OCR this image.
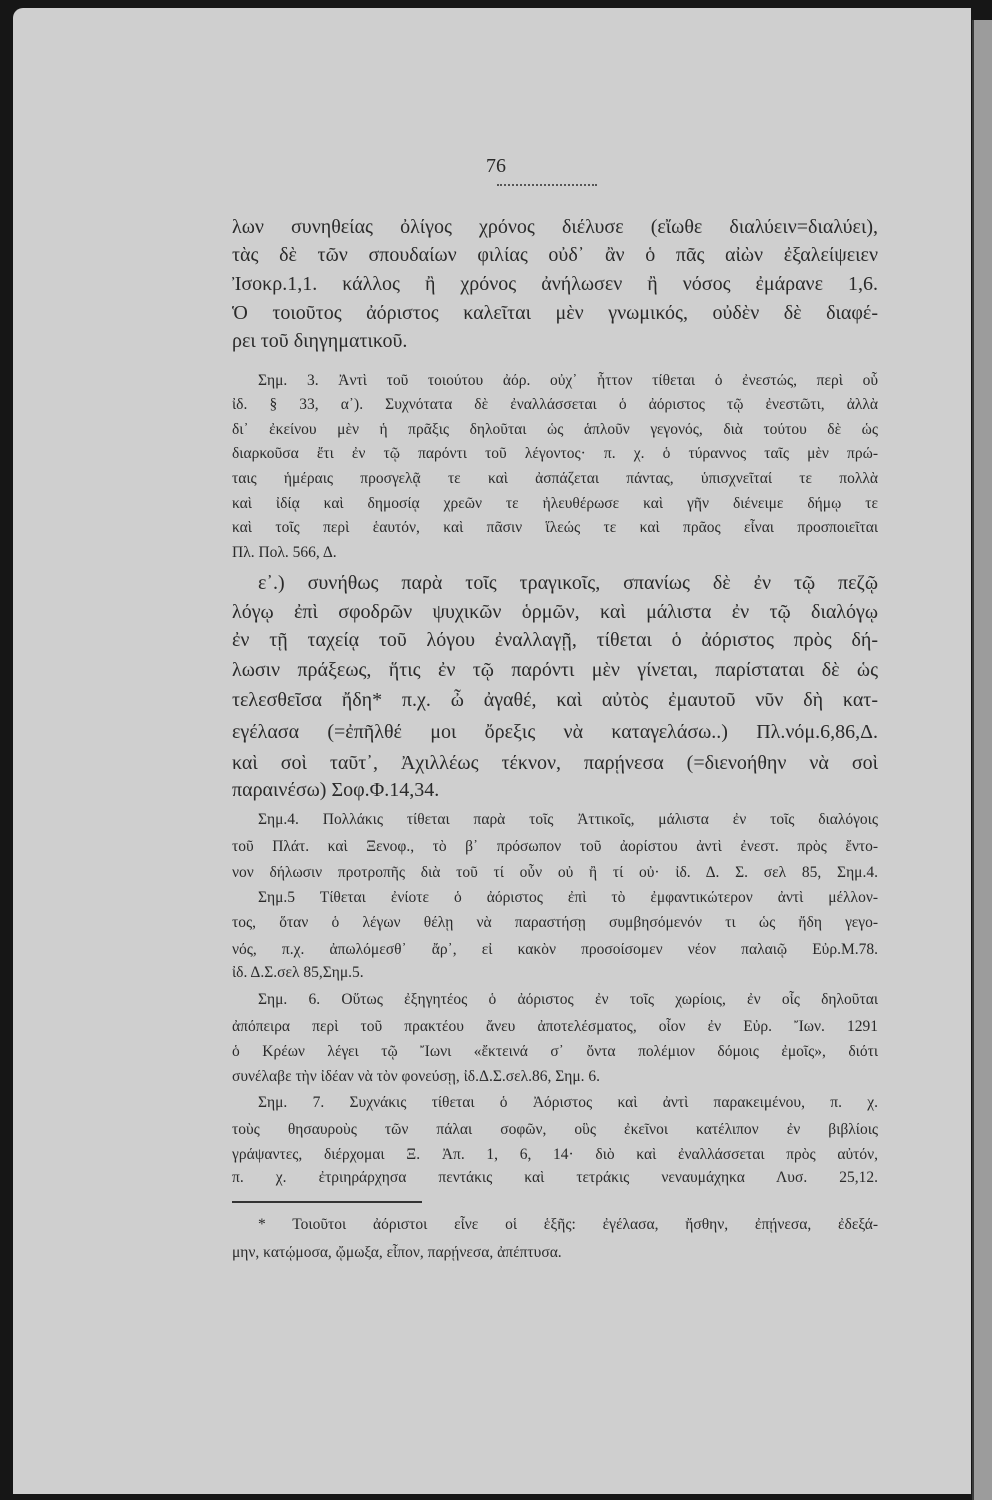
76
λων συνηθείας ὀλίγος χρόνος διέλυσε (εἴωθε διαλύειν=διαλύει),
τὰς δὲ τῶν σπουδαίων φιλίας οὐδ᾽ ἂν ὁ πᾶς αἰὼν ἐξαλείψειεν
Ἰσοκρ.1,1. κάλλος ἢ χρόνος ἀνήλωσεν ἢ νόσος ἐμάρανε 1,6.
Ὁ τοιοῦτος ἀόριστος καλεῖται μὲν γνωμικός, οὐδὲν δὲ διαφέ-
ρει τοῦ διηγηματικοῦ.
Σημ. 3. Ἀντὶ τοῦ τοιούτου ἀόρ. οὐχ᾽ ἧττον τίθεται ὁ ἐνεστώς, περὶ οὗ
ἰδ. § 33, α᾽). Συχνότατα δὲ ἐναλλάσσεται ὁ ἀόριστος τῷ ἐνεστῶτι, ἀλλὰ
δι᾽ ἐκείνου μὲν ἡ πρᾶξις δηλοῦται ὡς ἁπλοῦν γεγονός, διὰ τούτου δὲ ὡς
διαρκοῦσα ἔτι ἐν τῷ παρόντι τοῦ λέγοντος· π. χ. ὁ τύραννος ταῖς μὲν πρώ-
ταις ἡμέραις προσγελᾷ τε καὶ ἀσπάζεται πάντας, ὑπισχνεῖταί τε πολλὰ
καὶ ἰδίᾳ καὶ δημοσίᾳ χρεῶν τε ἠλευθέρωσε καὶ γῆν διένειμε δήμῳ τε
καὶ τοῖς περὶ ἑαυτόν, καὶ πᾶσιν ἵλεώς τε καὶ πρᾶος εἶναι προσποιεῖται
Πλ. Πολ. 566, Δ.
ε᾽.) συνήθως παρὰ τοῖς τραγικοῖς, σπανίως δὲ ἐν τῷ πεζῷ
λόγῳ ἐπὶ σφοδρῶν ψυχικῶν ὁρμῶν, καὶ μάλιστα ἐν τῷ διαλόγῳ
ἐν τῇ ταχείᾳ τοῦ λόγου ἐναλλαγῇ, τίθεται ὁ ἀόριστος πρὸς δή-
λωσιν πράξεως, ἥτις ἐν τῷ παρόντι μὲν γίνεται, παρίσταται δὲ ὡς
τελεσθεῖσα ἤδη* π.χ. ὦ ἀγαθέ, καὶ αὐτὸς ἐμαυτοῦ νῦν δὴ κατ-
εγέλασα (=ἐπῆλθέ μοι ὄρεξις νὰ καταγελάσω..) Πλ.νόμ.6,86,Δ.
καὶ σοὶ ταῦτ᾽, Ἀχιλλέως τέκνον, παρῄνεσα (=διενοήθην νὰ σοὶ
παραινέσω) Σοφ.Φ.14,34.
Σημ.4. Πολλάκις τίθεται παρὰ τοῖς Ἀττικοῖς, μάλιστα ἐν τοῖς διαλόγοις
τοῦ Πλάτ. καὶ Ξενοφ., τὸ β᾽ πρόσωπον τοῦ ἀορίστου ἀντὶ ἐνεστ. πρὸς ἔντο-
νον δήλωσιν προτροπῆς διὰ τοῦ τί οὖν οὐ ἢ τί οὐ· ἰδ. Δ. Σ. σελ 85, Σημ.4.
Σημ.5 Τίθεται ἐνίοτε ὁ ἀόριστος ἐπὶ τὸ ἐμφαντικώτερον ἀντὶ μέλλον-
τος, ὅταν ὁ λέγων θέλῃ νὰ παραστήσῃ συμβησόμενόν τι ὡς ἤδη γεγο-
νός, π.χ. ἀπωλόμεσθ᾽ ἄρ᾽, εἰ κακὸν προσοίσομεν νέον παλαιῷ Εὐρ.Μ.78.
ἰδ. Δ.Σ.σελ 85,Σημ.5.
Σημ. 6. Οὕτως ἐξηγητέος ὁ ἀόριστος ἐν τοῖς χωρίοις, ἐν οἷς δηλοῦται
ἀπόπειρα περὶ τοῦ πρακτέου ἄνευ ἀποτελέσματος, οἷον ἐν Εὐρ. Ἴων. 1291
ὁ Κρέων λέγει τῷ Ἴωνι «ἔκτεινά σ᾽ ὄντα πολέμιον δόμοις ἐμοῖς», διότι
συνέλαβε τὴν ἰδέαν νὰ τὸν φονεύσῃ, ἰδ.Δ.Σ.σελ.86, Σημ. 6.
Σημ. 7. Συχνάκις τίθεται ὁ Ἀόριστος καὶ ἀντὶ παρακειμένου, π. χ.
τοὺς θησαυροὺς τῶν πάλαι σοφῶν, οὓς ἐκεῖνοι κατέλιπον ἐν βιβλίοις
γράψαντες, διέρχομαι Ξ. Ἀπ. 1, 6, 14· διὸ καὶ ἐναλλάσσεται πρὸς αὐτόν,
π. χ. ἐτριηράρχησα πεντάκις καὶ τετράκις νεναυμάχηκα Λυσ. 25,12.
* Τοιοῦτοι ἀόριστοι εἶνε οἱ ἑξῆς: ἐγέλασα, ἤσθην, ἐπῄνεσα, ἐδεξά-
μην, κατῴμοσα, ᾤμωξα, εἶπον, παρῄνεσα, ἀπέπτυσα.
